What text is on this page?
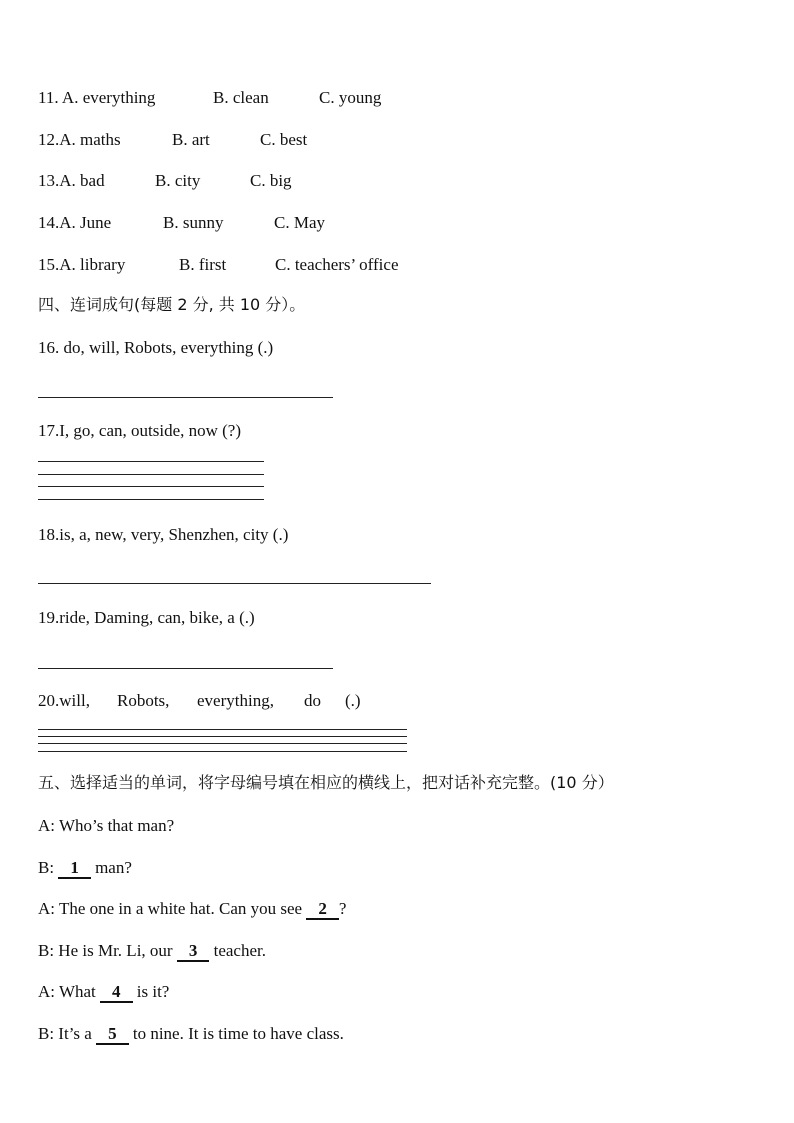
11. A. everything	B. clean	C. young
12.A. maths	B. art	C. best
13.A. bad	B. city	C. big
14.A. June	B. sunny	C. May
15.A. library	B. first	C. teachers’ office
四、连词成句(每题 2 分, 共 10 分）。
16. do, will, Robots, everything (.)
17.I, go, can, outside, now (?)
18.is, a, new, very, Shenzhen, city (.)
19.ride, Daming, can, bike, a (.)
20.will, Robots, everything, do (.)
五、选择适当的单词，将字母编号填在相应的横线上，把对话补充完整。(10 分）
A: Who’s that man?
B: 1 man?
A: The one in a white hat. Can you see 2 ?
B: He is Mr. Li, our 3 teacher.
A: What 4 is it?
B: It’s a 5 to nine. It is time to have class.
